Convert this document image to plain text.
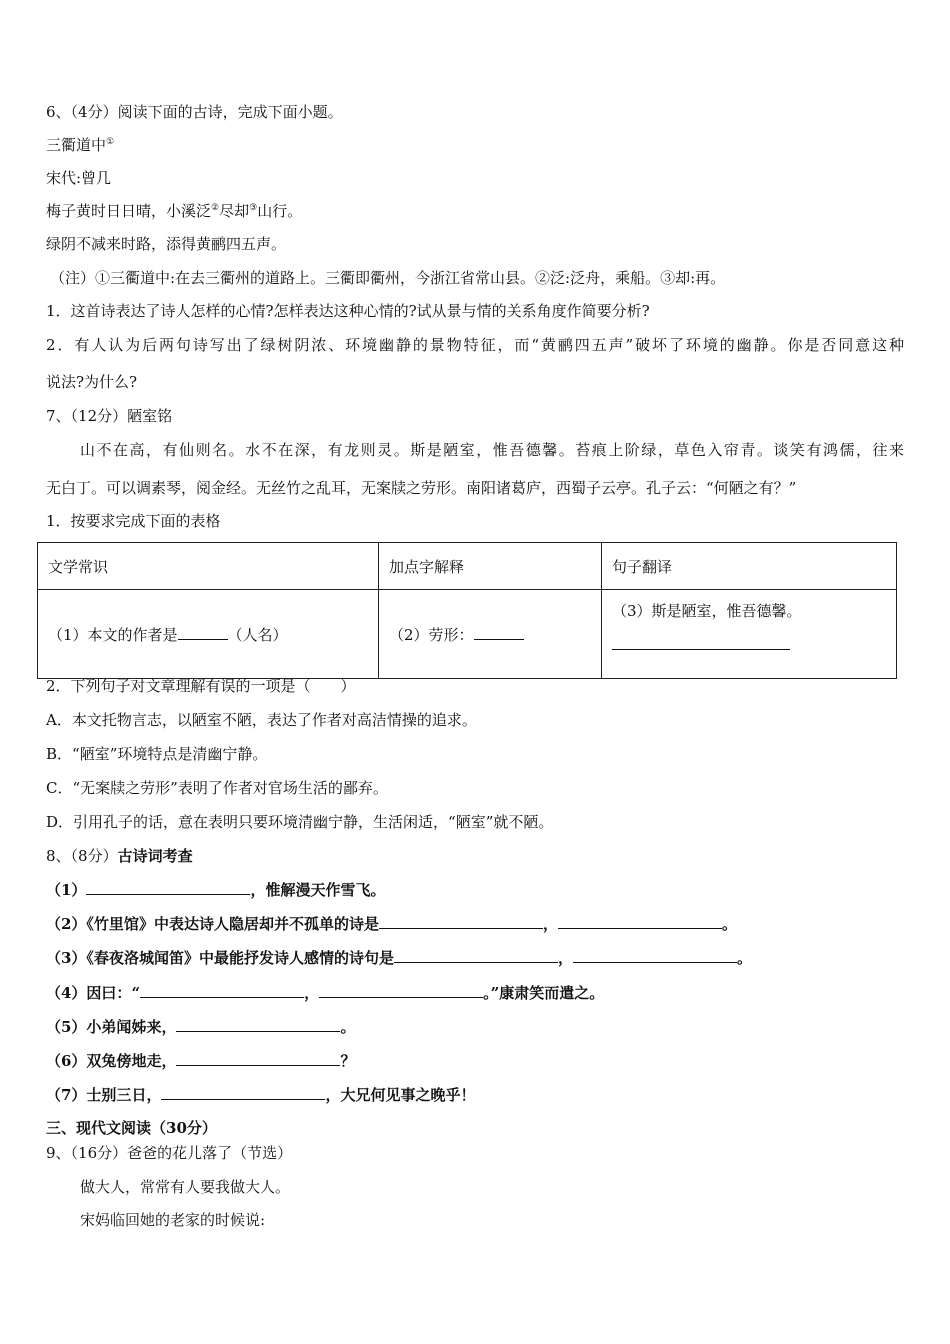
6、（4分）阅读下面的古诗，完成下面小题。
三衢道中①
宋代:曾几
梅子黄时日日晴，小溪泛②尽却③山行。
绿阴不减来时路，添得黄鹂四五声。
（注）①三衢道中:在去三衢州的道路上。三衢即衢州，今浙江省常山县。②泛:泛舟，乘船。③却:再。
1．这首诗表达了诗人怎样的心情?怎样表达这种心情的?试从景与情的关系角度作简要分析?
2．有人认为后两句诗写出了绿树阴浓、环境幽静的景物特征，而“黄鹂四五声”破坏了环境的幽静。你是否同意这种
说法?为什么?
7、（12分）陋室铭
山不在高，有仙则名。水不在深，有龙则灵。斯是陋室，惟吾德馨。苔痕上阶绿，草色入帘青。谈笑有鸿儒，往来
无白丁。可以调素琴，阅金经。无丝竹之乱耳，无案牍之劳形。南阳诸葛庐，西蜀子云亭。孔子云：“何陋之有？”
1．按要求完成下面的表格
文学常识	加点字解释	句子翻译
（1）本文的作者是 （人名）	（2）劳形：	（3）斯是陋室，惟吾德馨。
2．下列句子对文章理解有误的一项是（　　）
A．本文托物言志，以陋室不陋，表达了作者对高洁情操的追求。
B．“陋室”环境特点是清幽宁静。
C．“无案牍之劳形”表明了作者对官场生活的鄙弃。
D．引用孔子的话，意在表明只要环境清幽宁静，生活闲适，“陋室”就不陋。
8、（8分）古诗词考查
（1）	，惟解漫天作雪飞。
（2）《竹里馆》中表达诗人隐居却并不孤单的诗是	，	。
（3）《春夜洛城闻笛》中最能抒发诗人感情的诗句是	，	。
（4）因曰：“	，	。”康肃笑而遣之。
（5）小弟闻姊来，	。
（6）双兔傍地走，	？
（7）士别三日，	，大兄何见事之晚乎！
三、现代文阅读（30分）
9、（16分）爸爸的花儿落了（节选）
做大人，常常有人要我做大人。
宋妈临回她的老家的时候说:
